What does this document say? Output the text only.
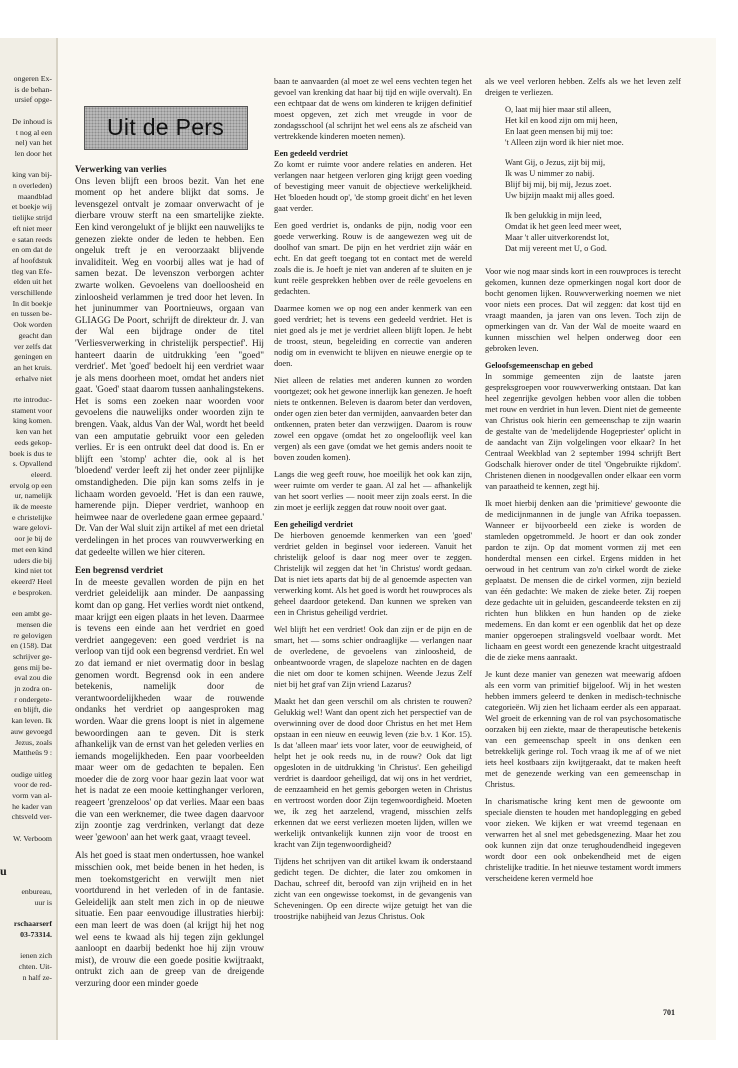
ongeren Ex-

is de behan-

ursief opge-

De inhoud is

t nog al een

nel) van het

len door het

king van bij-

n overleden)

maandblad

et boekje wij

tielijke strijd

eft niet meer

e satan reeds

en om dat de

af hoofdstuk

tleg van Efe-

elden uit het

verschillende

In dit boekje

en tussen be-

Ook worden

geacht dan

ver zelfs dat

geningen en

an het kruis.

erhalve niet

rte introduc-

stament voor

king komen.

ken van het

eeds gekop-

boek is dus te

s. Opvallend

eleerd.

ervolg op een

ur, namelijk

ik de meeste

e christelijke

ware gelovi-

oor je bij de

met een kind

uders die bij

kind niet tot

ekeerd? Heel

e besproken.

een ambt ge-

mensen die

re gelovigen

en (158). Dat

schrijver ge-

gens mij be-

eval zou die

jn zodra on-

r ondergete-

en blijft, die

kan leven. Ik

auw gevoegd

Jezus, zoals

Mattheüs 9 :

oudige uitleg

voor de red-

vorm van al-

he kader van

chtsveld ver-

W. Verboom

u

enbureau,

uur is

rschaarserf

03-73314.

ienen zich

chten. Uit-

n half ze-

Uit de Pers
Verwerking van verlies

Ons leven blijft een broos bezit. Van het ene moment op het andere blijkt dat soms. Je levensgezel ontvalt je zomaar onverwacht of je dierbare vrouw sterft na een smartelijke ziekte. Een kind verongelukt of je blijkt een nauwelijks te genezen ziekte onder de leden te hebben. Een ongeluk treft je en veroorzaakt blijvende invaliditeit. Weg en voorbij alles wat je had of samen bezat. De levenszon verborgen achter zwarte wolken. Gevoelens van doelloosheid en zinloosheid verlammen je tred door het leven. In het juninummer van Poortnieuws, orgaan van GLIAGG De Poort, schrijft de direkteur dr. J. van der Wal een bijdrage onder de titel 'Verliesverwerking in christelijk perspectief'. Hij hanteert daarin de uitdrukking 'een "goed" verdriet'. Met 'goed' bedoelt hij een verdriet waar je als mens doorheen moet, omdat het anders niet gaat. 'Goed' staat daarom tussen aanhalingstekens. Het is soms een zoeken naar woorden voor gevoelens die nauwelijks onder woorden zijn te brengen. Vaak, aldus Van der Wal, wordt het beeld van een amputatie gebruikt voor een geleden verlies. Er is een ontrukt deel dat dood is. En er blijft een 'stomp' achter die, ook al is het 'bloedend' verder leeft zij het onder zeer pijnlijke omstandigheden. Die pijn kan soms zelfs in je lichaam worden gevoeld. 'Het is dan een rauwe, hamerende pijn. Dieper verdriet, wanhoop en heimwee naar de overledene gaan ermee gepaard.' Dr. Van der Wal sluit zijn artikel af met een drietal verdelingen in het proces van rouwverwerking en dat gedeelte willen we hier citeren.

Een begrensd verdriet

In de meeste gevallen worden de pijn en het verdriet geleidelijk aan minder. De aanpassing komt dan op gang. Het verlies wordt niet ontkend, maar krijgt een eigen plaats in het leven. Daarmee is tevens een einde aan het verdriet en goed verdriet aangegeven: een goed verdriet is na verloop van tijd ook een begrensd verdriet. En wel zo dat iemand er niet overmatig door in beslag genomen wordt. Begrensd ook in een andere betekenis, namelijk door de verantwoordelijkheden waar de rouwende ondanks het verdriet op aangesproken mag worden. Waar die grens loopt is niet in algemene bewoordingen aan te geven. Dit is sterk afhankelijk van de ernst van het geleden verlies en iemands mogelijkheden. Een paar voorbeelden maar weer om de gedachten te bepalen. Een moeder die de zorg voor haar gezin laat voor wat het is nadat ze een mooie kettinghanger verloren, reageert 'grenzeloos' op dat verlies. Maar een baas die van een werknemer, die twee dagen daarvoor zijn zoontje zag verdrinken, verlangt dat deze weer 'gewoon' aan het werk gaat, vraagt teveel.

Als het goed is staat men ondertussen, hoe wankel misschien ook, met beide benen in het heden, is men toekomstgericht en verwijlt men niet voortdurend in het verleden of in de fantasie. Geleidelijk aan stelt men zich in op de nieuwe situatie. Een paar eenvoudige illustraties hierbij: een man leert de was doen (al krijgt hij het nog wel eens te kwaad als hij tegen zijn geklungel aanloopt en daarbij bedenkt hoe hij zijn vrouw mist), de vrouw die een goede positie kwijtraakt, ontrukt zich aan de greep van de dreigende verzuring door een minder goede

baan te aanvaarden (al moet ze wel eens vechten tegen het gevoel van krenking dat haar bij tijd en wijle overvalt). En een echtpaar dat de wens om kinderen te krijgen definitief moest opgeven, zet zich met vreugde in voor de zondagsschool (al schrijnt het wel eens als ze afscheid van vertrekkende kinderen moeten nemen).

Een gedeeld verdriet

Zo komt er ruimte voor andere relaties en anderen. Het verlangen naar hetgeen verloren ging krijgt geen voeding of bevestiging meer vanuit de objectieve werkelijkheid. Het 'bloeden houdt op', 'de stomp groeit dicht' en het leven gaat verder.

Een goed verdriet is, ondanks de pijn, nodig voor een goede verwerking. Rouw is de aangewezen weg uit de doolhof van smart. De pijn en het verdriet zijn wáár en echt. En dat geeft toegang tot en contact met de wereld zoals die is. Je hoeft je niet van anderen af te sluiten en je kunt reële gesprekken hebben over de reële gevoelens en gedachten.

Daarmee komen we op nog een ander kenmerk van een goed verdriet; het is tevens een gedeeld verdriet. Het is niet goed als je met je verdriet alleen blijft lopen. Je hebt de troost, steun, begeleiding en correctie van anderen nodig om in evenwicht te blijven en nieuwe energie op te doen.

Niet alleen de relaties met anderen kunnen zo worden voortgezet; ook het gewone innerlijk kan genezen. Je hoeft niets te ontkennen. Beleven is daarom beter dan verdoven, onder ogen zien beter dan vermijden, aanvaarden beter dan ontkennen, praten beter dan verzwijgen. Daarom is rouw zowel een opgave (omdat het zo ongelooflijk veel kan vergen) als een gave (omdat we het gemis anders nooit te boven zouden komen).

Langs die weg geeft rouw, hoe moeilijk het ook kan zijn, weer ruimte om verder te gaan. Al zal het — afhankelijk van het soort verlies — nooit meer zijn zoals eerst. In die zin moet je eerlijk zeggen dat rouw nooit over gaat.

Een geheiligd verdriet

De hierboven genoemde kenmerken van een 'goed' verdriet gelden in beginsel voor iedereen. Vanuit het christelijk geloof is daar nog meer over te zeggen. Christelijk wil zeggen dat het 'in Christus' wordt gedaan. Dat is niet iets aparts dat bij de al genoemde aspecten van verwerking komt. Als het goed is wordt het rouwproces als geheel daardoor getekend. Dan kunnen we spreken van een in Christus geheiligd verdriet.

Wel blijft het een verdriet! Ook dan zijn er de pijn en de smart, het — soms schier ondraaglijke — verlangen naar de overledene, de gevoelens van zinloosheid, de onbeantwoorde vragen, de slapeloze nachten en de dagen die niet om door te komen schijnen. Weende Jezus Zelf niet bij het graf van Zijn vriend Lazarus?

Maakt het dan geen verschil om als christen te rouwen? Gelukkig wel! Want dan opent zich het perspectief van de overwinning over de dood door Christus en het met Hem opstaan in een nieuw en eeuwig leven (zie b.v. 1 Kor. 15). Is dat 'alleen maar' iets voor later, voor de eeuwigheid, of helpt het je ook reeds nu, in de rouw? Ook dat ligt opgesloten in de uitdrukking 'in Christus'. Een geheiligd verdriet is daardoor geheiligd, dat wij ons in het verdriet, de eenzaamheid en het gemis geborgen weten in Christus en vertroost worden door Zijn tegenwoordigheid. Moeten we, ik zeg het aarzelend, vragend, misschien zelfs erkennen dat we eerst verliezen moeten lijden, willen we werkelijk ontvankelijk kunnen zijn voor de troost en kracht van Zijn tegenwoordigheid?

Tijdens het schrijven van dit artikel kwam ik onderstaand gedicht tegen. De dichter, die later zou omkomen in Dachau, schreef dit, beroofd van zijn vrijheid en in het zicht van een ongewisse toekomst, in de gevangenis van Scheveningen. Op een directe wijze getuigt het van die troostrijke nabijheid van Jezus Christus. Ook

als we veel verloren hebben. Zelfs als we het leven zelf dreigen te verliezen.

O, laat mij hier maar stil alleen,
Het kil en kood zijn om mij heen,
En laat geen mensen bij mij toe:
't Alleen zijn word ik hier niet moe.
Want Gij, o Jezus, zijt bij mij,
Ik was U nimmer zo nabij.
Blijf bij mij, bij mij, Jezus zoet.
Uw bijzijn maakt mij alles goed.
Ik ben gelukkig in mijn leed,
Omdat ik het geen leed meer weet,
Maar 't aller uitverkorendst lot,
Dat mij vereent met U, o God.

Voor wie nog maar sinds kort in een rouwproces is terecht gekomen, kunnen deze opmerkingen nogal kort door de bocht genomen lijken. Rouwverwerking noemen we niet voor niets een proces. Dat wil zeggen: dat kost tijd en vraagt maanden, ja jaren van ons leven. Toch zijn de opmerkingen van dr. Van der Wal de moeite waard en kunnen misschien wel helpen onderweg door een gebroken leven.

Geloofsgemeenschap en gebed

In sommige gemeenten zijn de laatste jaren gespreksgroepen voor rouwverwerking ontstaan. Dat kan heel zegenrijke gevolgen hebben voor allen die tobben met rouw en verdriet in hun leven. Dient niet de gemeente van Christus ook hierin een gemeenschap te zijn waarin de gestalte van de 'medelijdende Hogepriester' oplicht in de aandacht van Zijn volgelingen voor elkaar? In het Centraal Weekblad van 2 september 1994 schrijft Bert Godschalk hierover onder de titel 'Ongebruikte rijkdom'. Christenen dienen in noodgevallen onder elkaar een vorm van paraatheid te kennen, zegt hij.

Ik moet hierbij denken aan die 'primitieve' gewoonte die de medicijnmannen in de jungle van Afrika toepassen. Wanneer er bijvoorbeeld een zieke is worden de stamleden opgetrommeld. Je hoort er dan ook zonder pardon te zijn. Op dat moment vormen zij met een honderdtal mensen een cirkel. Ergens midden in het oerwoud in het centrum van zo'n cirkel wordt de zieke geplaatst. De mensen die de cirkel vormen, zijn bezield van één gedachte: We maken de zieke beter. Zij roepen deze gedachte uit in geluiden, gescandeerde teksten en zij richten hun blikken en hun handen op de zieke medemens. En dan komt er een ogenblik dat het op deze manier opgeroepen stralingsveld voelbaar wordt. Met lichaam en geest wordt een genezende kracht uitgestraald die de zieke mens aanraakt.

Je kunt deze manier van genezen wat meewarig afdoen als een vorm van primitief bijgeloof. Wij in het westen hebben immers geleerd te denken in medisch-technische categorieën. Wij zien het lichaam eerder als een apparaat. Wel groeit de erkenning van de rol van psychosomatische oorzaken bij een ziekte, maar de therapeutische betekenis van een gemeenschap speelt in ons denken een betrekkelijk geringe rol. Toch vraag ik me af of we niet iets heel kostbaars zijn kwijtgeraakt, dat te maken heeft met de genezende werking van een gemeenschap in Christus.

In charismatische kring kent men de gewoonte om speciale diensten te houden met handoplegging en gebed voor zieken. We kijken er wat vreemd tegenaan en verwarren het al snel met gebedsgenezing. Maar het zou ook kunnen zijn dat onze terughoudendheid ingegeven wordt door een ook onbekendheid met de eigen christelijke traditie. In het nieuwe testament wordt immers verscheidene keren vermeld hoe

701
